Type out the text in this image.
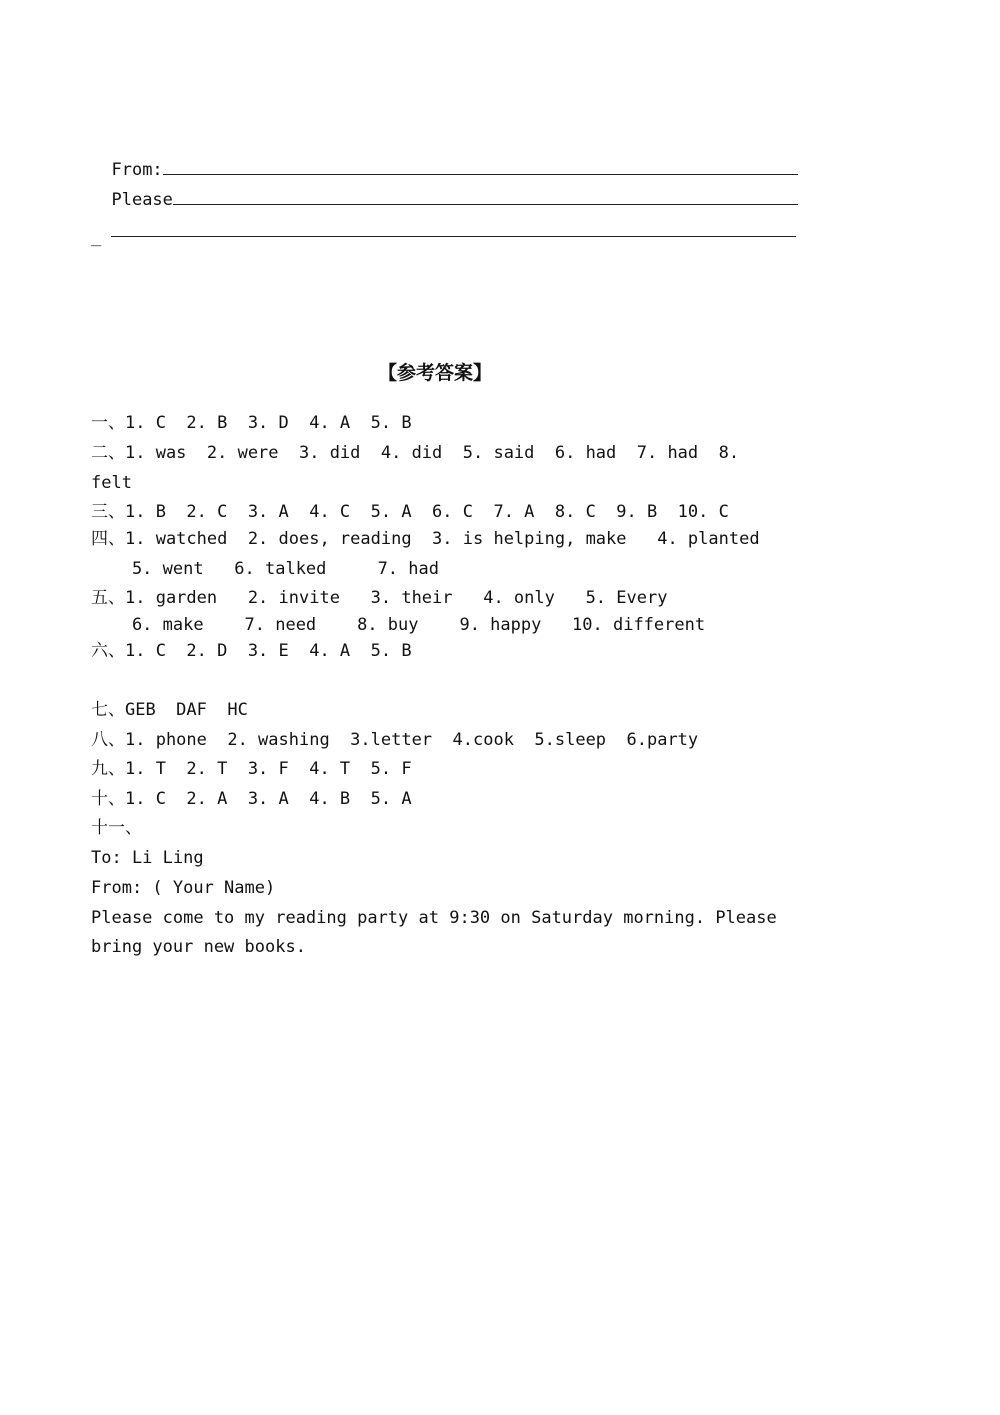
From:

Please

_
【参考答案】
一、1. C  2. B  3. D  4. A  5. B
二、1. was  2. were  3. did  4. did  5. said  6. had  7. had  8.
felt
三、1. B  2. C  3. A  4. C  5. A  6. C  7. A  8. C  9. B  10. C
四、1. watched  2. does, reading  3. is helping, make   4. planted
5. went   6. talked     7. had
五、1. garden   2. invite   3. their   4. only   5. Every
6. make    7. need    8. buy    9. happy   10. different
六、1. C  2. D  3. E  4. A  5. B
七、GEB  DAF  HC
八、1. phone  2. washing  3.letter  4.cook  5.sleep  6.party
九、1. T  2. T  3. F  4. T  5. F
十、1. C  2. A  3. A  4. B  5. A
十一、
To: Li Ling
From: ( Your Name)
Please come to my reading party at 9:30 on Saturday morning. Please
bring your new books.
